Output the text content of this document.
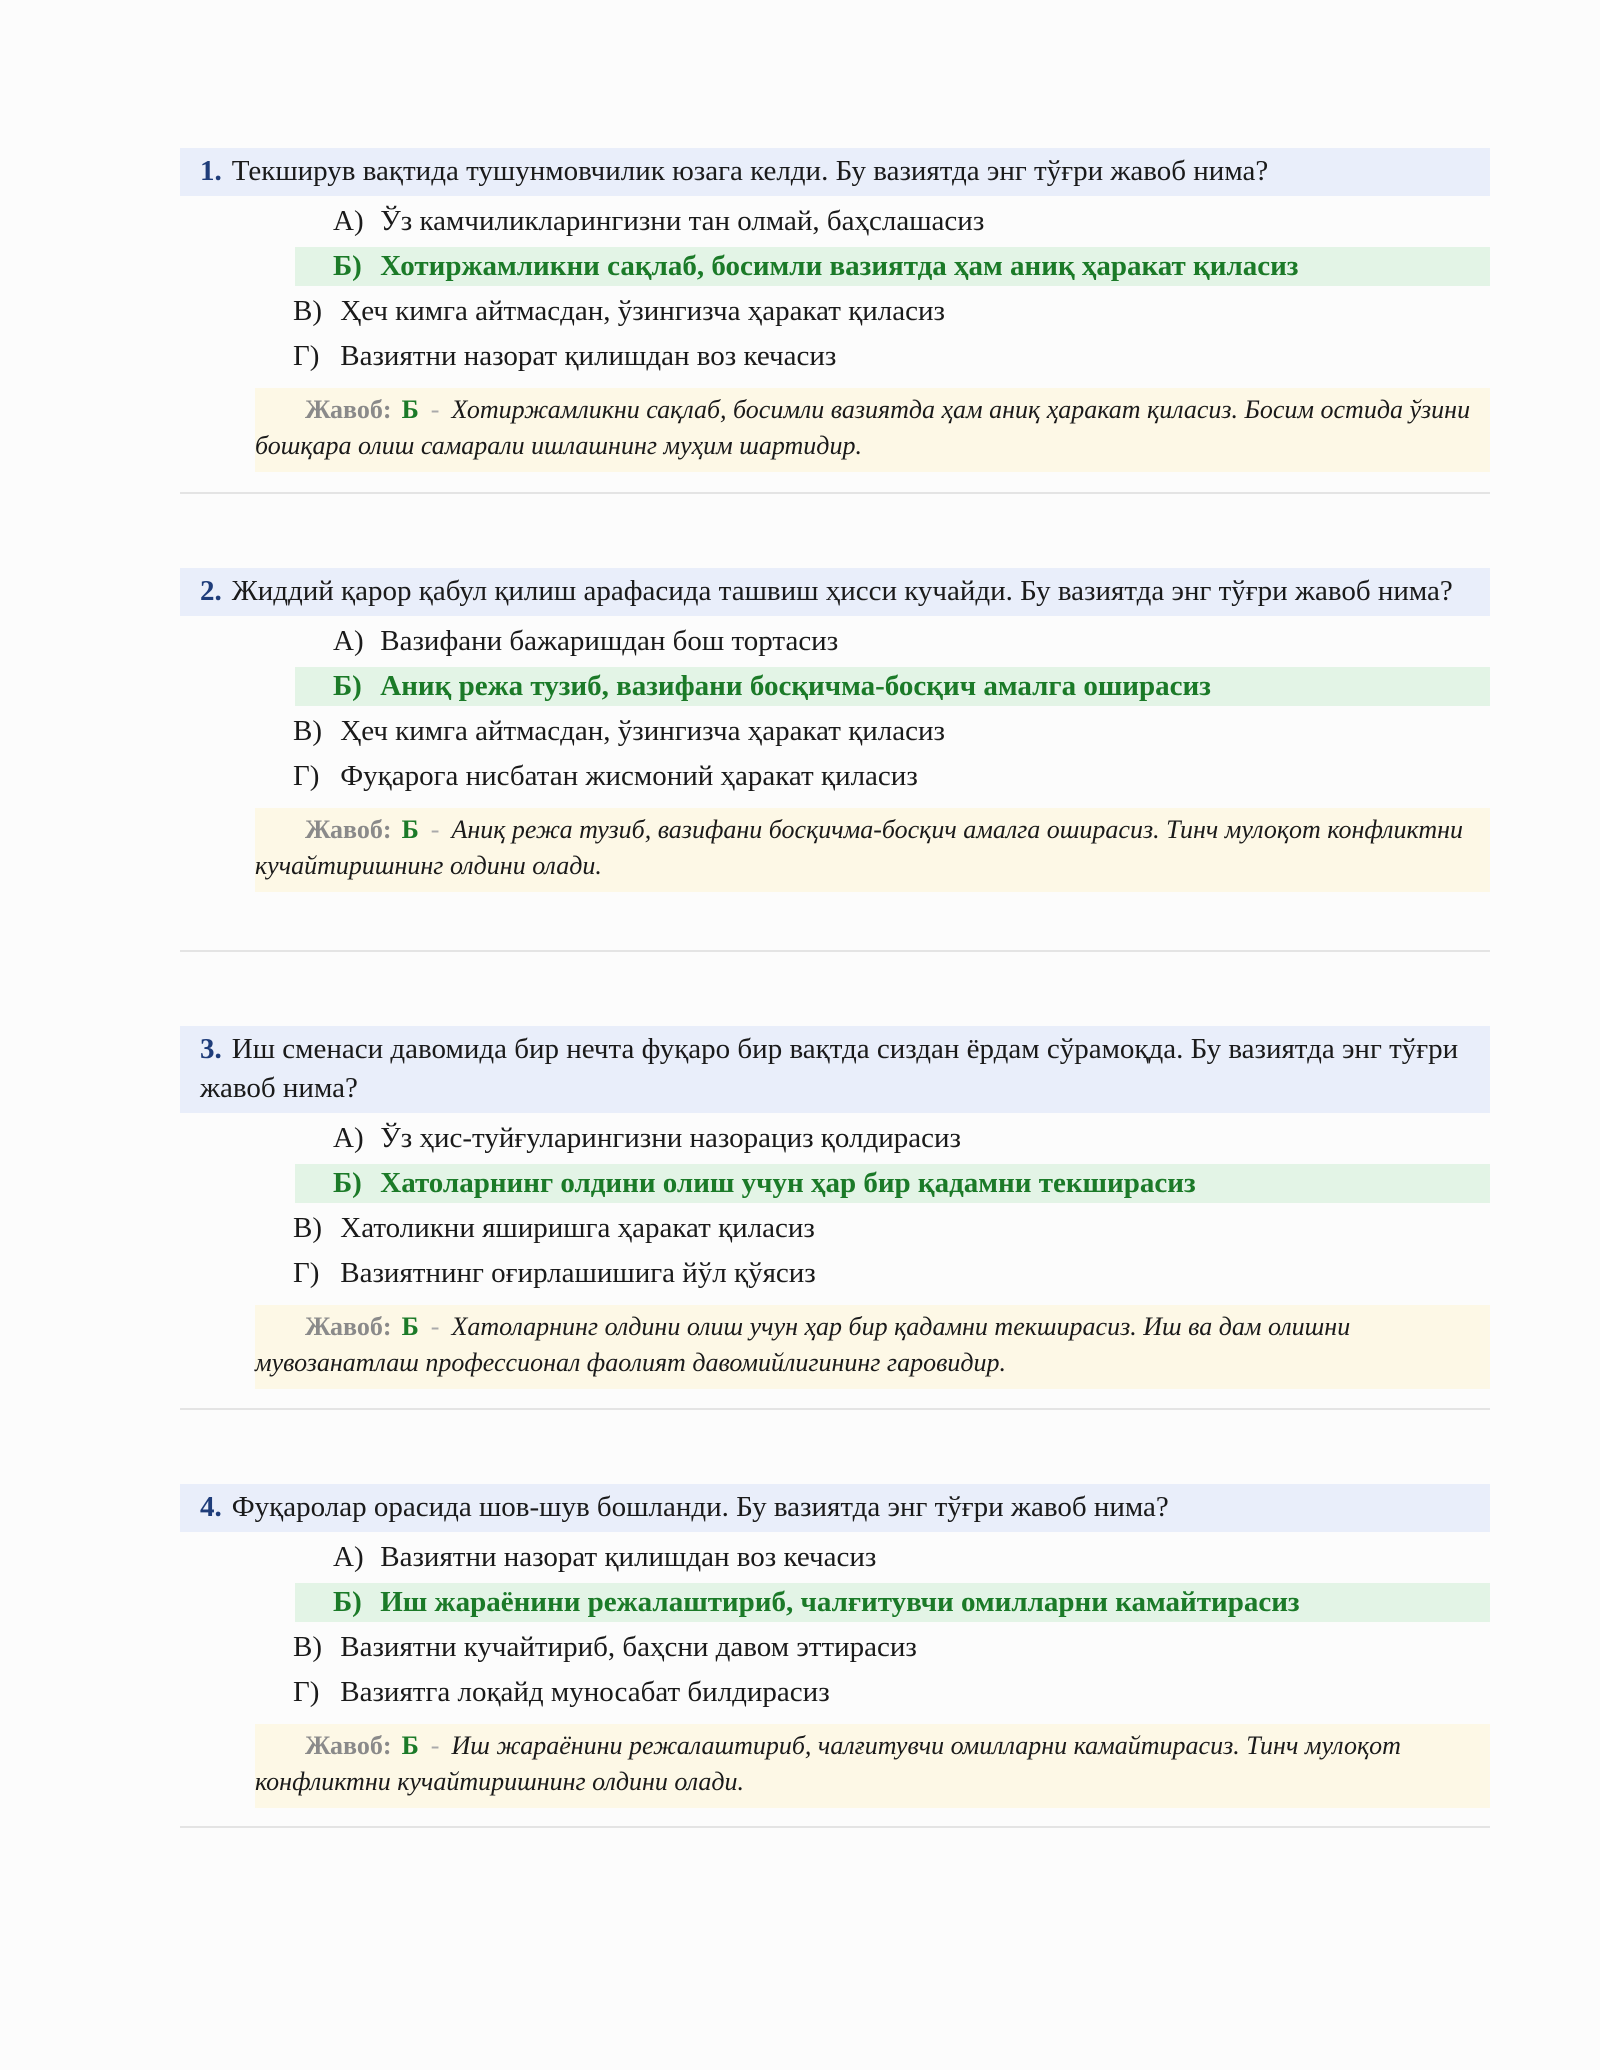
1. Текширув вақтида тушунмовчилик юзага келди. Бу вазиятда энг тўғри жавоб нима?
А) Ўз камчиликларингизни тан олмай, баҳслашасиз
Б) Хотиржамликни сақлаб, босимли вазиятда ҳам аниқ ҳаракат қиласиз
В) Ҳеч кимга айтмасдан, ўзингизча ҳаракат қиласиз
Г) Вазиятни назорат қилишдан воз кечасиз
Жавоб: Б - Хотиржамликни сақлаб, босимли вазиятда ҳам аниқ ҳаракат қиласиз. Босим остида ўзини бошқара олиш самарали ишлашнинг муҳим шартидир.
2. Жиддий қарор қабул қилиш арафасида ташвиш ҳисси кучайди. Бу вазиятда энг тўғри жавоб нима?
А) Вазифани бажаришдан бош тортасиз
Б) Аниқ режа тузиб, вазифани босқичма-босқич амалга оширасиз
В) Ҳеч кимга айтмасдан, ўзингизча ҳаракат қиласиз
Г) Фуқарога нисбатан жисмоний ҳаракат қиласиз
Жавоб: Б - Аниқ режа тузиб, вазифани босқичма-босқич амалга оширасиз. Тинч мулоқот конфликтни кучайтиришнинг олдини олади.
3. Иш сменаси давомида бир нечта фуқаро бир вақтда сиздан ёрдам сўрамоқда. Бу вазиятда энг тўғри жавоб нима?
А) Ўз ҳис-туйғуларингизни назорациз қолдирасиз
Б) Хатоларнинг олдини олиш учун ҳар бир қадамни текширасиз
В) Хатоликни яширишга ҳаракат қиласиз
Г) Вазиятнинг оғирлашишига йўл қўясиз
Жавоб: Б - Хатоларнинг олдини олиш учун ҳар бир қадамни текширасиз. Иш ва дам олишни мувозанатлаш профессионал фаолият давомийлигининг гаровидир.
4. Фуқаролар орасида шов-шув бошланди. Бу вазиятда энг тўғри жавоб нима?
А) Вазиятни назорат қилишдан воз кечасиз
Б) Иш жараёнини режалаштириб, чалғитувчи омилларни камайтирасиз
В) Вазиятни кучайтириб, баҳсни давом эттирасиз
Г) Вазиятга лоқайд муносабат билдирасиз
Жавоб: Б - Иш жараёнини режалаштириб, чалғитувчи омилларни камайтирасиз. Тинч мулоқот конфликтни кучайтиришнинг олдини олади.
